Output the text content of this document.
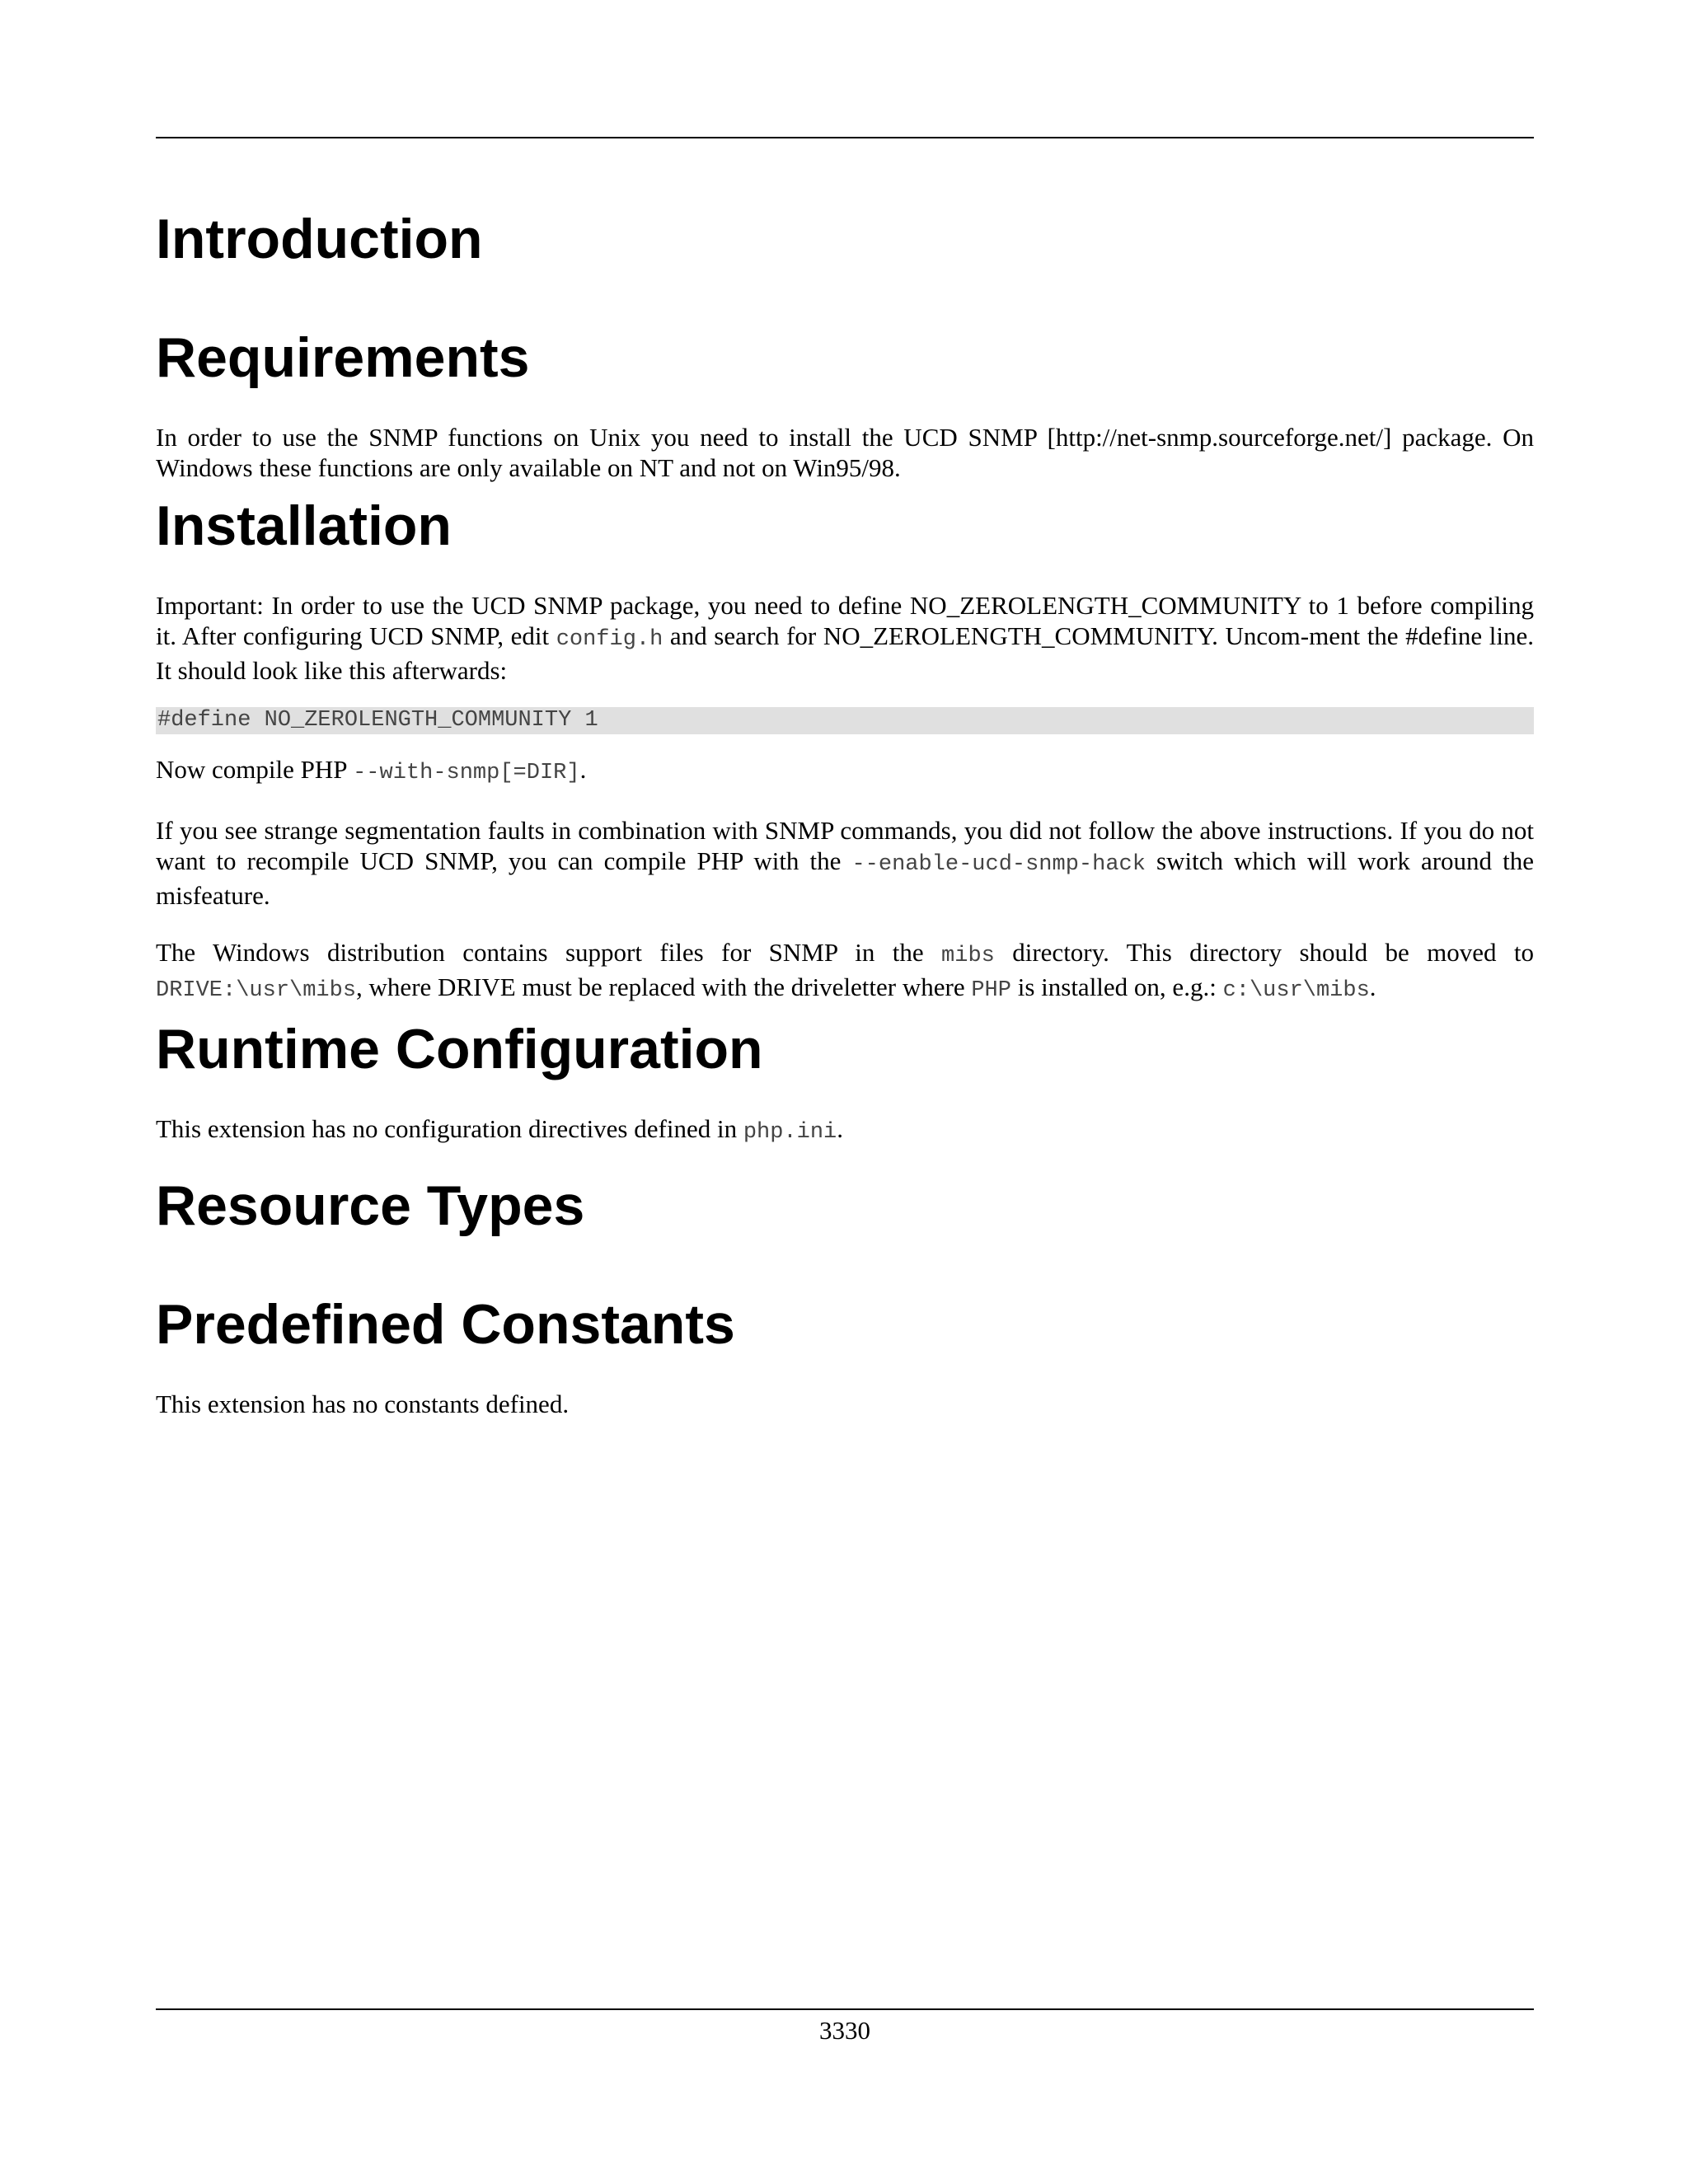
Introduction
Requirements

In order to use the SNMP functions on Unix you need to install the UCD SNMP [http://net-snmp.sourceforge.net/] package. On Windows these functions are only available on NT and not on Win95/98.

Installation

Important: In order to use the UCD SNMP package, you need to define NO_ZEROLENGTH_COMMUNITY to 1 before compiling it. After configuring UCD SNMP, edit config.h and search for NO_ZEROLENGTH_COMMUNITY. Uncom-ment the #define line. It should look like this afterwards:

#define NO_ZEROLENGTH_COMMUNITY 1

Now compile PHP --with-snmp[=DIR].

If you see strange segmentation faults in combination with SNMP commands, you did not follow the above instructions. If you do not want to recompile UCD SNMP, you can compile PHP with the --enable-ucd-snmp-hack switch which will work around the misfeature.

The Windows distribution contains support files for SNMP in the mibs directory. This directory should be moved to DRIVE:\usr\mibs, where DRIVE must be replaced with the driveletter where PHP is installed on, e.g.: c:\usr\mibs.

Runtime Configuration

This extension has no configuration directives defined in php.ini.

Resource Types
Predefined Constants

This extension has no constants defined.

3330
